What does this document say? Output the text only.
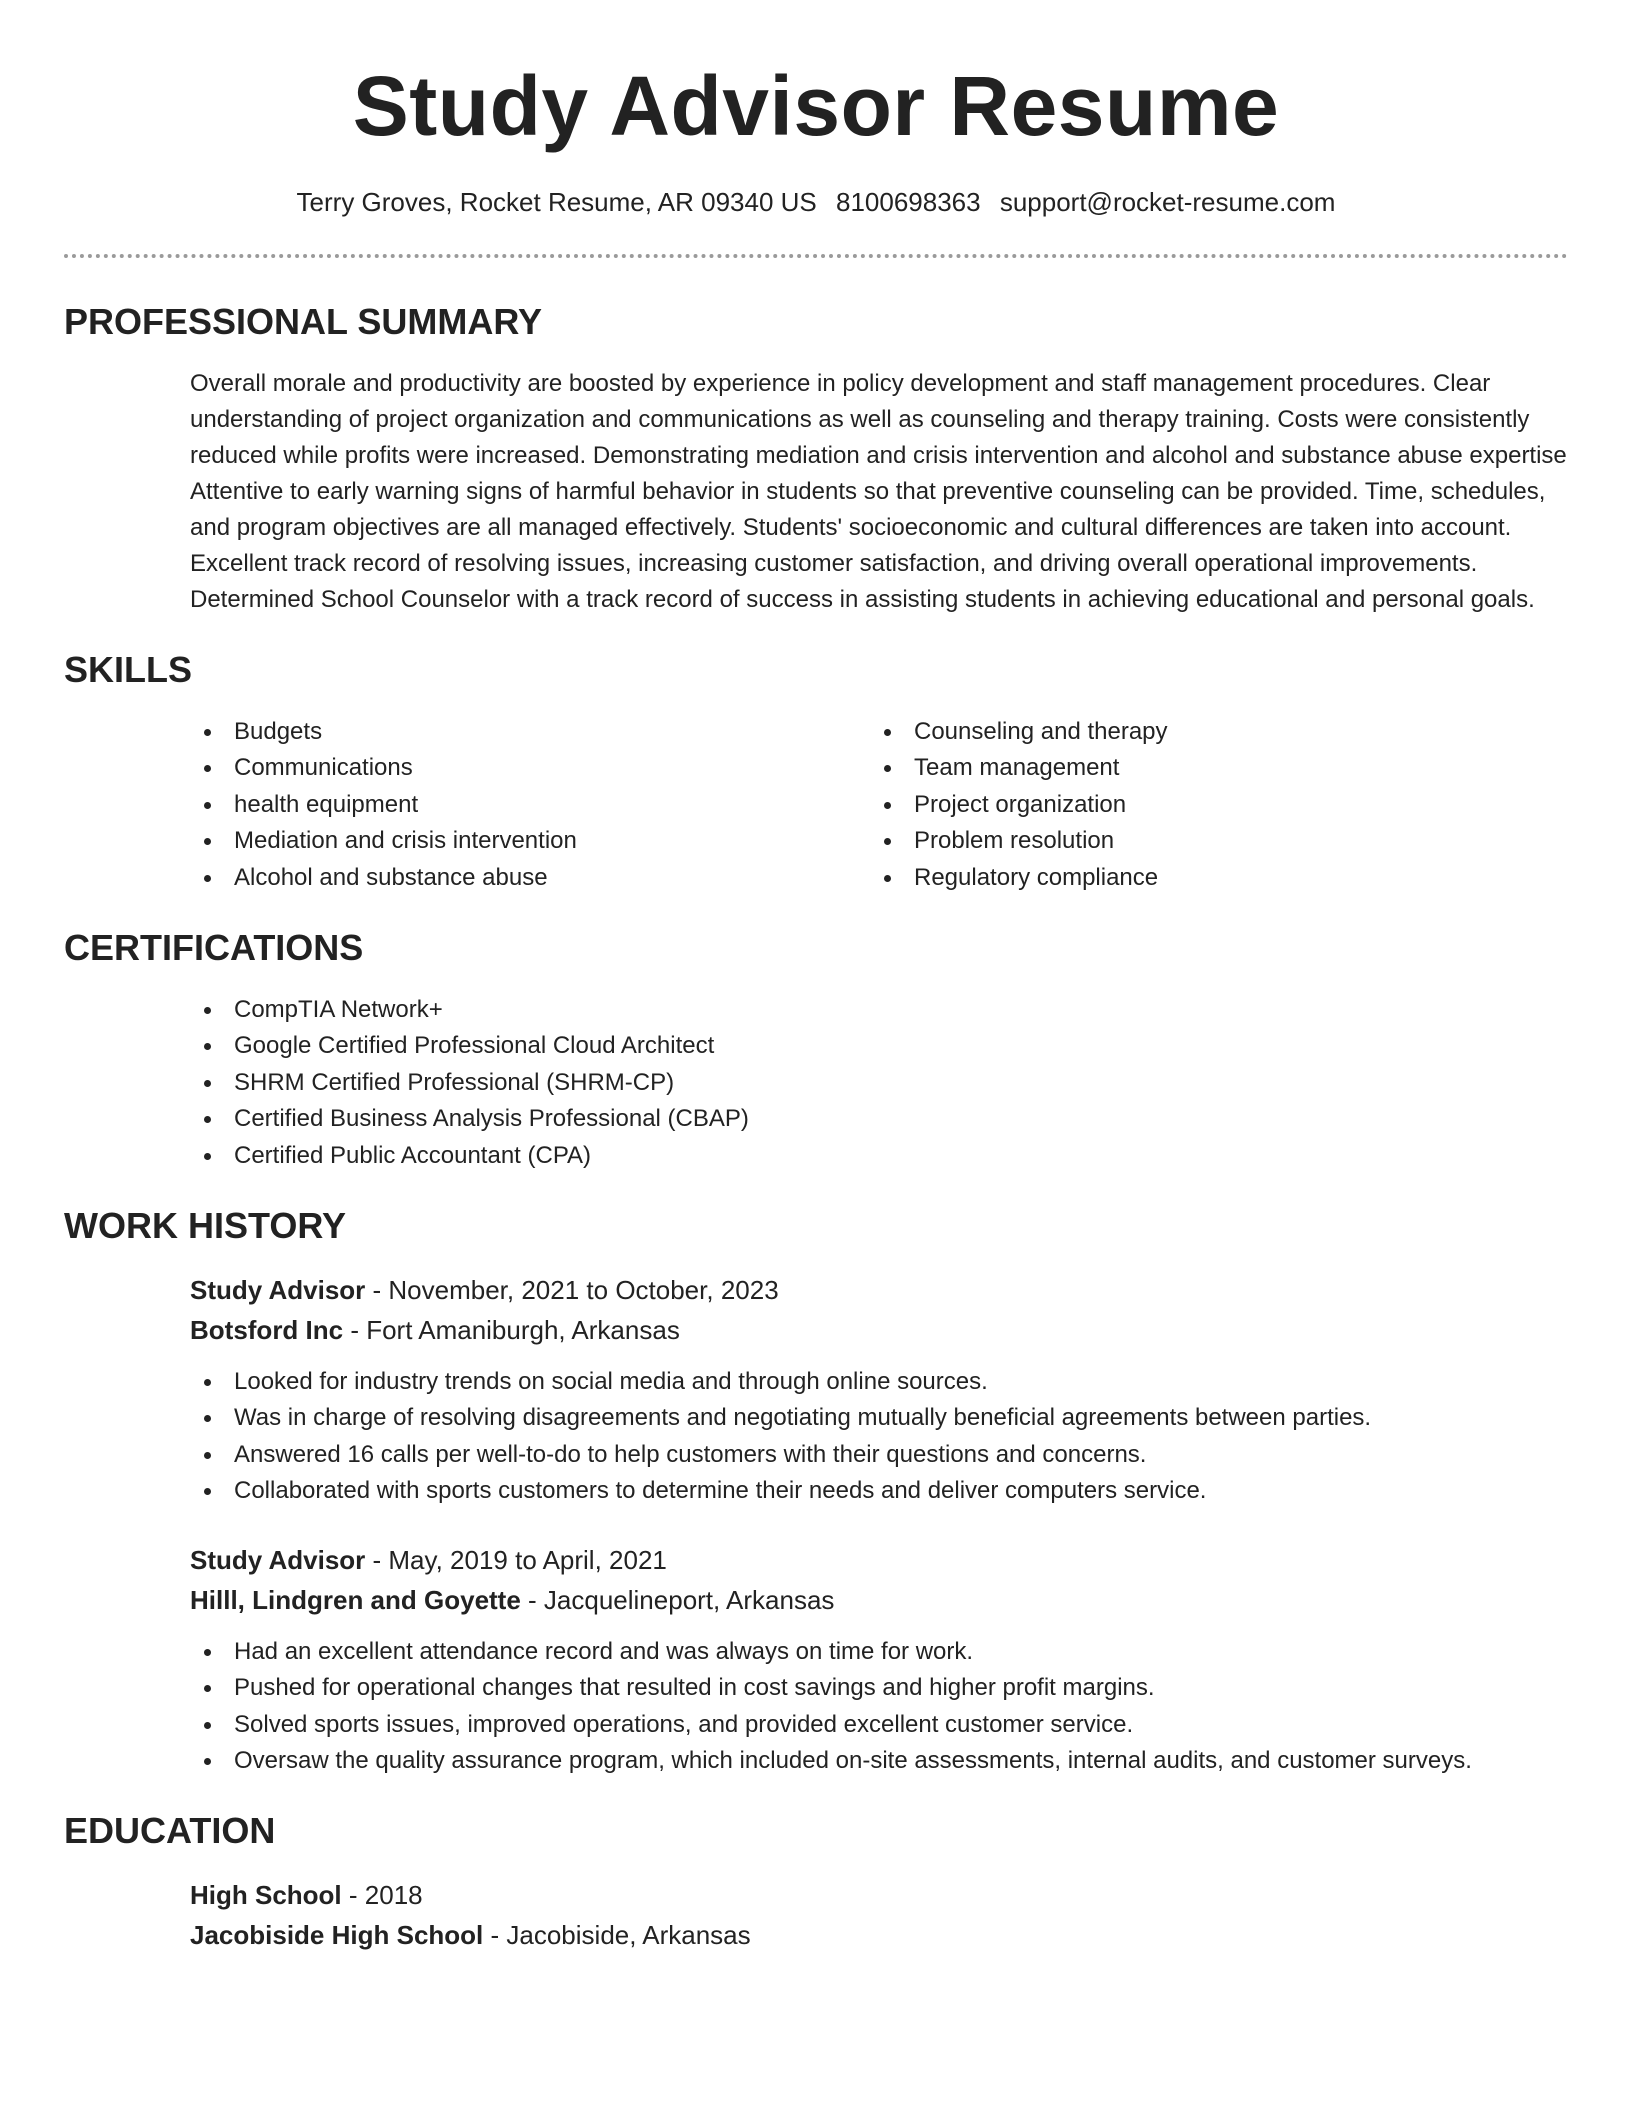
Study Advisor Resume
Terry Groves, Rocket Resume, AR 09340 US 8100698363 support@rocket-resume.com
PROFESSIONAL SUMMARY

Overall morale and productivity are boosted by experience in policy development and staff management procedures. Clear understanding of project organization and communications as well as counseling and therapy training. Costs were consistently reduced while profits were increased. Demonstrating mediation and crisis intervention and alcohol and substance abuse expertise Attentive to early warning signs of harmful behavior in students so that preventive counseling can be provided. Time, schedules, and program objectives are all managed effectively. Students' socioeconomic and cultural differences are taken into account. Excellent track record of resolving issues, increasing customer satisfaction, and driving overall operational improvements. Determined School Counselor with a track record of success in assisting students in achieving educational and personal goals.

SKILLS
Budgets
Communications
health equipment
Mediation and crisis intervention
Alcohol and substance abuse
Counseling and therapy
Team management
Project organization
Problem resolution
Regulatory compliance
CERTIFICATIONS
CompTIA Network+
Google Certified Professional Cloud Architect
SHRM Certified Professional (SHRM-CP)
Certified Business Analysis Professional (CBAP)
Certified Public Accountant (CPA)
WORK HISTORY
Study Advisor - November, 2021 to October, 2023
Botsford Inc - Fort Amaniburgh, Arkansas
Looked for industry trends on social media and through online sources.
Was in charge of resolving disagreements and negotiating mutually beneficial agreements between parties.
Answered 16 calls per well-to-do to help customers with their questions and concerns.
Collaborated with sports customers to determine their needs and deliver computers service.
Study Advisor - May, 2019 to April, 2021
Hilll, Lindgren and Goyette - Jacquelineport, Arkansas
Had an excellent attendance record and was always on time for work.
Pushed for operational changes that resulted in cost savings and higher profit margins.
Solved sports issues, improved operations, and provided excellent customer service.
Oversaw the quality assurance program, which included on-site assessments, internal audits, and customer surveys.
EDUCATION
High School - 2018
Jacobiside High School - Jacobiside, Arkansas
